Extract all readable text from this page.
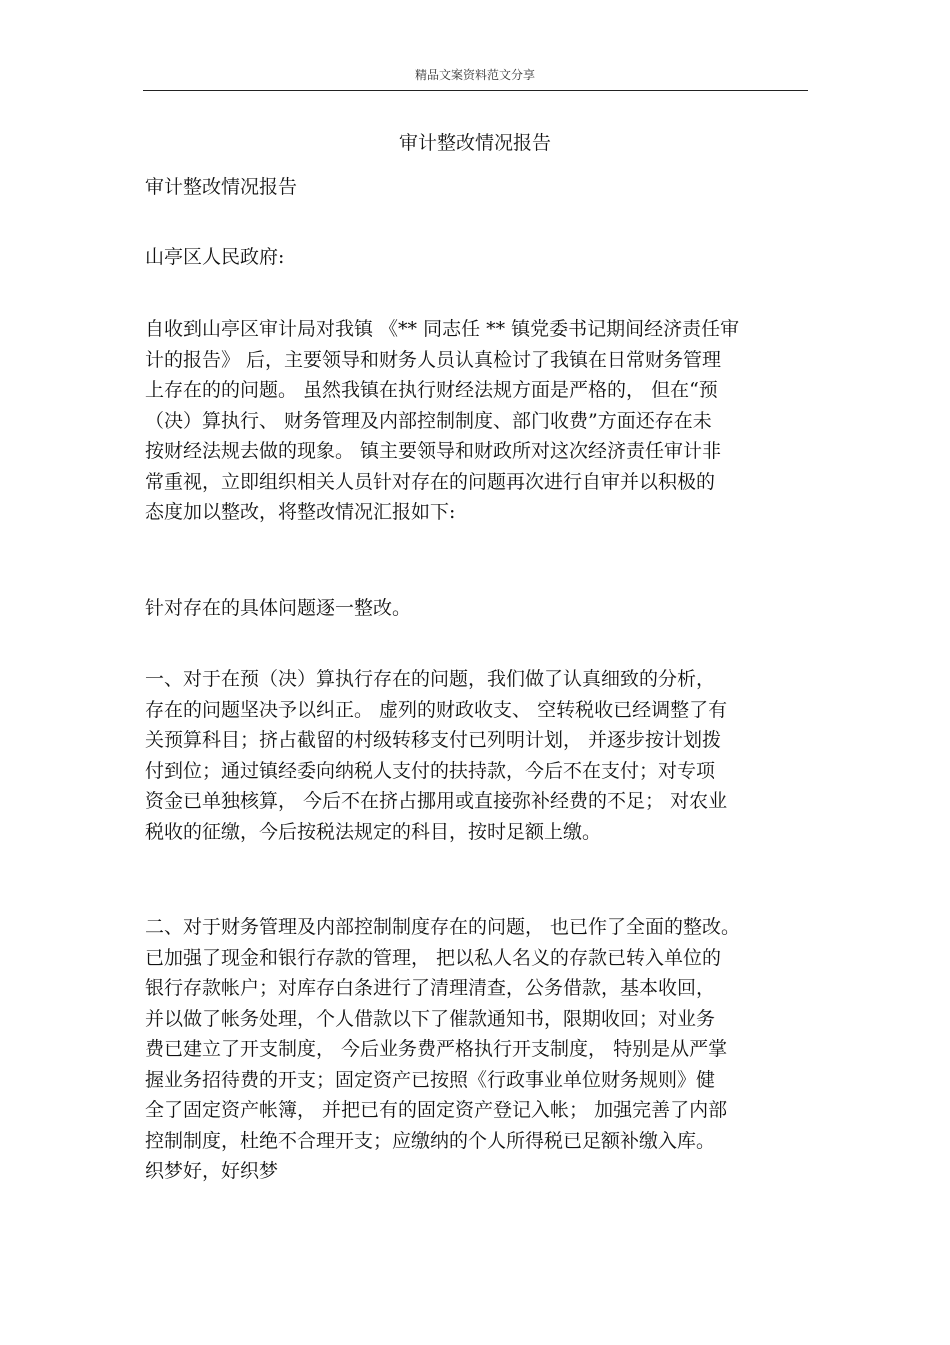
精品文案资料范文分享
审计整改情况报告

审计整改情况报告

山亭区人民政府:

自收到山亭区审计局对我镇 《** 同志任 ** 镇党委书记期间经济责任审
计的报告》 后，主要领导和财务人员认真检讨了我镇在日常财务管理
上存在的的问题。 虽然我镇在执行财经法规方面是严格的， 但在“预
（决）算执行、 财务管理及内部控制制度、部门收费”方面还存在未
按财经法规去做的现象。 镇主要领导和财政所对这次经济责任审计非
常重视，立即组织相关人员针对存在的问题再次进行自审并以积极的
态度加以整改，将整改情况汇报如下:

针对存在的具体问题逐一整改。

一、对于在预（决）算执行存在的问题，我们做了认真细致的分析，
存在的问题坚决予以纠正。 虚列的财政收支、 空转税收已经调整了有
关预算科目；挤占截留的村级转移支付已列明计划， 并逐步按计划拨
付到位；通过镇经委向纳税人支付的扶持款，今后不在支付；对专项
资金已单独核算， 今后不在挤占挪用或直接弥补经费的不足； 对农业
税收的征缴，今后按税法规定的科目，按时足额上缴。

二、对于财务管理及内部控制制度存在的问题， 也已作了全面的整改。
已加强了现金和银行存款的管理， 把以私人名义的存款已转入单位的
银行存款帐户；对库存白条进行了清理清查，公务借款，基本收回，
并以做了帐务处理，个人借款以下了催款通知书，限期收回；对业务
费已建立了开支制度， 今后业务费严格执行开支制度， 特别是从严掌
握业务招待费的开支；固定资产已按照《行政事业单位财务规则》健
全了固定资产帐簿， 并把已有的固定资产登记入帐； 加强完善了内部
控制制度，杜绝不合理开支；应缴纳的个人所得税已足额补缴入库。
织梦好，好织梦
